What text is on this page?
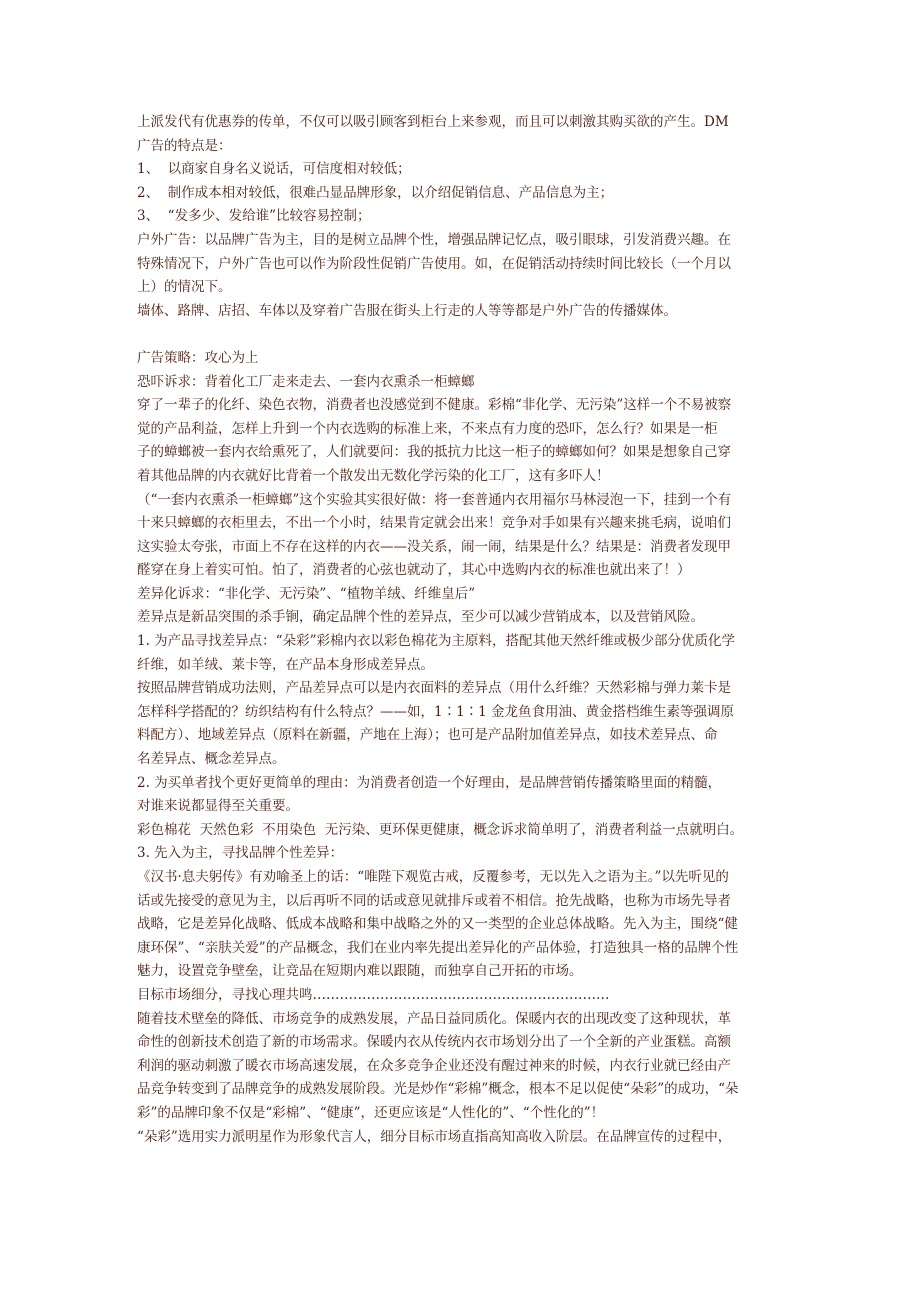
上派发代有优惠券的传单，不仅可以吸引顾客到柜台上来参观，而且可以刺激其购买欲的产生。DM
广告的特点是：
1、  以商家自身名义说话，可信度相对较低；
2、  制作成本相对较低，很难凸显品牌形象，以介绍促销信息、产品信息为主；
3、  “发多少、发给谁”比较容易控制；
户外广告：以品牌广告为主，目的是树立品牌个性，增强品牌记忆点，吸引眼球，引发消费兴趣。在
特殊情况下，户外广告也可以作为阶段性促销广告使用。如，在促销活动持续时间比较长（一个月以
上）的情况下。
墙体、路牌、店招、车体以及穿着广告服在街头上行走的人等等都是户外广告的传播媒体。
广告策略：攻心为上
恐吓诉求：背着化工厂走来走去、一套内衣熏杀一柜蟑螂
穿了一辈子的化纤、染色衣物，消费者也没感觉到不健康。彩棉“非化学、无污染”这样一个不易被察
觉的产品利益，怎样上升到一个内衣选购的标准上来，不来点有力度的恐吓，怎么行？如果是一柜
子的蟑螂被一套内衣给熏死了，人们就要问：我的抵抗力比这一柜子的蟑螂如何？如果是想象自己穿
着其他品牌的内衣就好比背着一个散发出无数化学污染的化工厂，这有多吓人！
（“一套内衣熏杀一柜蟑螂”这个实验其实很好做：将一套普通内衣用福尔马林浸泡一下，挂到一个有
十来只蟑螂的衣柜里去，不出一个小时，结果肯定就会出来！竞争对手如果有兴趣来挑毛病，说咱们
这实验太夸张，市面上不存在这样的内衣——没关系，闹一闹，结果是什么？结果是：消费者发现甲
醛穿在身上着实可怕。怕了，消费者的心弦也就动了，其心中选购内衣的标准也就出来了！）
差异化诉求：“非化学、无污染”、“植物羊绒、纤维皇后”
差异点是新品突围的杀手锏，确定品牌个性的差异点，至少可以减少营销成本，以及营销风险。
1. 为产品寻找差异点：“朵彩”彩棉内衣以彩色棉花为主原料，搭配其他天然纤维或极少部分优质化学
纤维，如羊绒、莱卡等，在产品本身形成差异点。
按照品牌营销成功法则，产品差异点可以是内衣面料的差异点（用什么纤维？天然彩棉与弹力莱卡是
怎样科学搭配的？纺织结构有什么特点？——如，1∶1∶1 金龙鱼食用油、黄金搭档维生素等强调原
料配方）、地域差异点（原料在新疆，产地在上海）；也可是产品附加值差异点，如技术差异点、命
名差异点、概念差异点。
2. 为买单者找个更好更简单的理由：为消费者创造一个好理由，是品牌营销传播策略里面的精髓，
对谁来说都显得至关重要。
彩色棉花  天然色彩  不用染色  无污染、更环保更健康，概念诉求简单明了，消费者利益一点就明白。
3. 先入为主，寻找品牌个性差异：
《汉书·息夫躬传》有劝喻圣上的话：“唯陛下观览古戒，反覆参考，无以先入之语为主。”以先听见的
话或先接受的意见为主，以后再听不同的话或意见就排斥或着不相信。抢先战略，也称为市场先导者
战略，它是差异化战略、低成本战略和集中战略之外的又一类型的企业总体战略。先入为主，围绕“健
康环保”、“亲肤关爱”的产品概念，我们在业内率先提出差异化的产品体验，打造独具一格的品牌个性
魅力，设置竞争壁垒，让竞品在短期内难以跟随，而独享自己开拓的市场。
目标市场细分，寻找心理共鸣…………………………………………………………
随着技术壁垒的降低、市场竞争的成熟发展，产品日益同质化。保暖内衣的出现改变了这种现状，革
命性的创新技术创造了新的市场需求。保暖内衣从传统内衣市场划分出了一个全新的产业蛋糕。高额
利润的驱动刺激了暖衣市场高速发展，在众多竞争企业还没有醒过神来的时候，内衣行业就已经由产
品竞争转变到了品牌竞争的成熟发展阶段。光是炒作“彩棉”概念，根本不足以促使“朵彩”的成功，“朵
彩”的品牌印象不仅是“彩棉”、“健康”，还更应该是“人性化的”、“个性化的”！
“朵彩”选用实力派明星作为形象代言人，细分目标市场直指高知高收入阶层。在品牌宣传的过程中，
